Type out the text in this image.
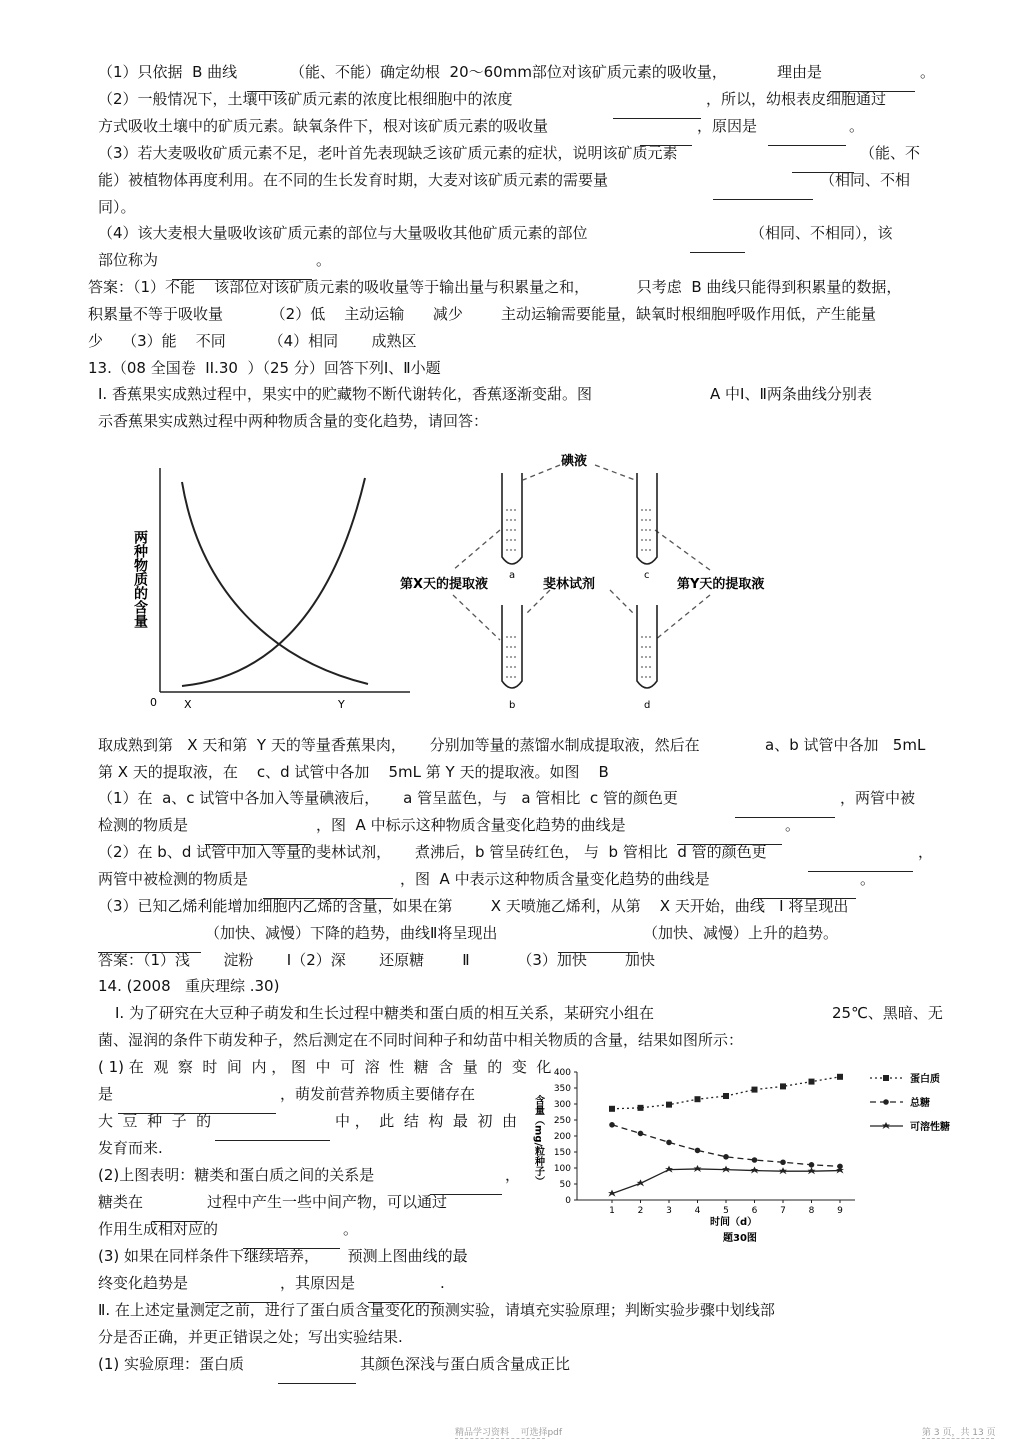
（1）只依据  B 曲线	（能、不能）确定幼根  20～60mm部位对该矿质元素的吸收量，	理由是	。
（2）一般情况下，土壤中该矿质元素的浓度比根细胞中的浓度	，所以，幼根表皮细胞通过
方式吸收土壤中的矿质元素。缺氧条件下，根对该矿质元素的吸收量	，原因是	。
（3）若大麦吸收矿质元素不足，老叶首先表现缺乏该矿质元素的症状，说明该矿质元素	（能、不
能）被植物体再度利用。在不同的生长发育时期，大麦对该矿质元素的需要量	（相同、不相
同）。
（4）该大麦根大量吸收该矿质元素的部位与大量吸收其他矿质元素的部位	（相同、不相同），该
部位称为	。
答案：（1）不能    该部位对该矿质元素的吸收量等于输出量与积累量之和，          只考虑  B 曲线只能得到积累量的数据，
积累量不等于吸收量          （2）低    主动运输      减少        主动运输需要能量，缺氧时根细胞呼吸作用低，产生能量
少    （3）能    不同         （4）相同       成熟区
13.（08 全国卷  II.30  ）（25 分）回答下列Ⅰ、Ⅱ小题
Ⅰ. 香蕉果实成熟过程中，果实中的贮藏物不断代谢转化，香蕉逐渐变甜。图	A 中Ⅰ、Ⅱ两条曲线分别表
示香蕉果实成熟过程中两种物质含量的变化趋势，请回答：
取成熟到第   X 天和第  Y 天的等量香蕉果肉，     分别加等量的蒸馏水制成提取液，然后在	a、b 试管中各加   5mL
第 X 天的提取液，在    c、d 试管中各加    5mL 第 Y 天的提取液。如图    B
（1）在  a、c 试管中各加入等量碘液后，     a 管呈蓝色，与   a 管相比  c 管的颜色更	，两管中被
检测的物质是	，图  A 中标示这种物质含量变化趋势的曲线是	。
（2）在 b、d 试管中加入等量的斐林试剂，     煮沸后，b 管呈砖红色， 与  b 管相比  d 管的颜色更	，
两管中被检测的物质是	，图  A 中表示这种物质含量变化趋势的曲线是	。
（3）已知乙烯利能增加细胞内乙烯的含量，如果在第        X 天喷施乙烯利，从第    X 天开始，曲线   Ⅰ 将呈现出
（加快、减慢）下降的趋势，曲线Ⅱ将呈现出	（加快、减慢）上升的趋势。
答案：（1）浅       淀粉       Ⅰ（2）深       还原糖        Ⅱ          （3）加快        加快
14. (2008   重庆理综 .30)
Ⅰ. 为了研究在大豆种子萌发和生长过程中糖类和蛋白质的相互关系，某研究小组在	25℃、黑暗、无
菌、湿润的条件下萌发种子，然后测定在不同时间种子和幼苗中相关物质的含量，结果如图所示：
( 1) 在  观  察  时  间  内 ， 图  中  可  溶  性  糖  含  量  的  变  化
是	，萌发前营养物质主要储存在
大  豆  种  子  的	中 ，  此  结  构  最  初  由
发育而来.
(2)上图表明：糖类和蛋白质之间的关系是	，
糖类在	过程中产生一些中间产物，可以通过
作用生成相对应的	。
(3) 如果在同样条件下继续培养，      预测上图曲线的最
终变化趋势是	，其原因是	.
Ⅱ. 在上述定量测定之前，进行了蛋白质含量变化的预测实验，请填充实验原理；判断实验步骤中划线部
分是否正确，并更正错误之处；写出实验结果.
(1) 实验原理：蛋白质	其颜色深浅与蛋白质含量成正比
0 X	Y
两种物质的含量	a	c
b	d
碘液
第X天的提取液	斐林试剂	第Y天的提取液
0
50
100
150
200
250
300
350
400
1	2	3	4	5	6	7	8	9
蛋白质
总糖
可溶性糖
时间（d）
题30图
含量（mg/粒种子）
精品学习资料    可选择pdf	第 3 页，共 13 页
